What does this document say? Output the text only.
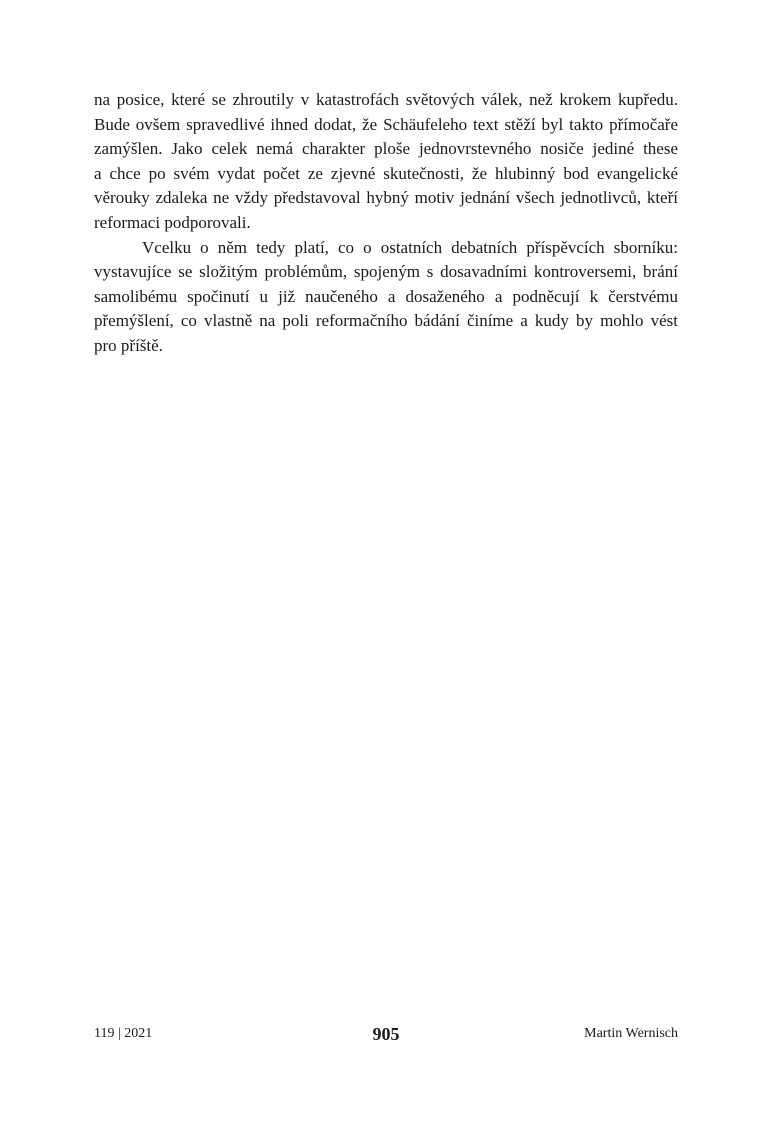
na posice, které se zhroutily v katastrofách světových válek, než krokem kupředu.
Bude ovšem spravedlivé ihned dodat, že Schäufeleho text stěží byl takto přímočaře
zamýšlen. Jako celek nemá charakter ploše jednovrstevného nosiče jediné these
a chce po svém vydat počet ze zjevné skutečnosti, že hlubinný bod evangelické
věrouky zdaleka ne vždy představoval hybný motiv jednání všech jednotlivců, kteří
reformaci podporovali.

Vcelku o něm tedy platí, co o ostatních debatních příspěvcích sborníku:
vystavujíce se složitým problémům, spojeným s dosavadními kontroversemi, brání
samolibému spočinutí u již naučeného a dosaženého a podněcují k čerstvému
přemýšlení, co vlastně na poli reformačního bádání činíme a kudy by mohlo vést
pro příště.

119 | 2021	905	Martin Wernisch
